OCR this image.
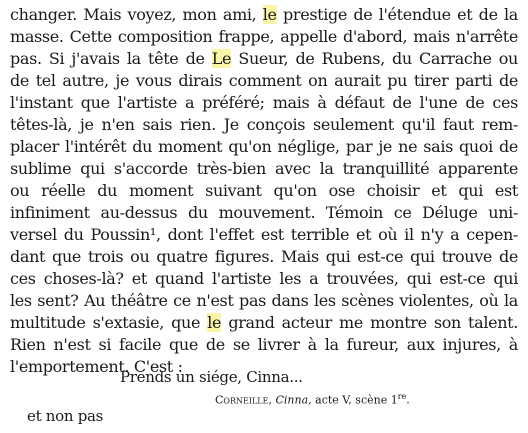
changer. Mais voyez, mon ami, le prestige de l'étendue et de la
masse. Cette composition frappe, appelle d'abord, mais n'arrête
pas. Si j'avais la tête de Le Sueur, de Rubens, du Carrache ou
de tel autre, je vous dirais comment on aurait pu tirer parti de
l'instant que l'artiste a préféré; mais à défaut de l'une de ces
têtes-là, je n'en sais rien. Je conçois seulement qu'il faut rem-
placer l'intérêt du moment qu'on néglige, par je ne sais quoi de
sublime qui s'accorde très-bien avec la tranquillité apparente
ou réelle du moment suivant qu'on ose choisir et qui est
infiniment au-dessus du mouvement. Témoin ce Déluge uni-
versel du Poussin¹, dont l'effet est terrible et où il n'y a cepen-
dant que trois ou quatre figures. Mais qui est-ce qui trouve de
ces choses-là? et quand l'artiste les a trouvées, qui est-ce qui
les sent? Au théâtre ce n'est pas dans les scènes violentes, où la
multitude s'extasie, que le grand acteur me montre son talent.
Rien n'est si facile que de se livrer à la fureur, aux injures, à
l'emportement. C'est :
Prends un siége, Cinna...
Corneille, Cinna, acte V, scène 1re.
et non pas
